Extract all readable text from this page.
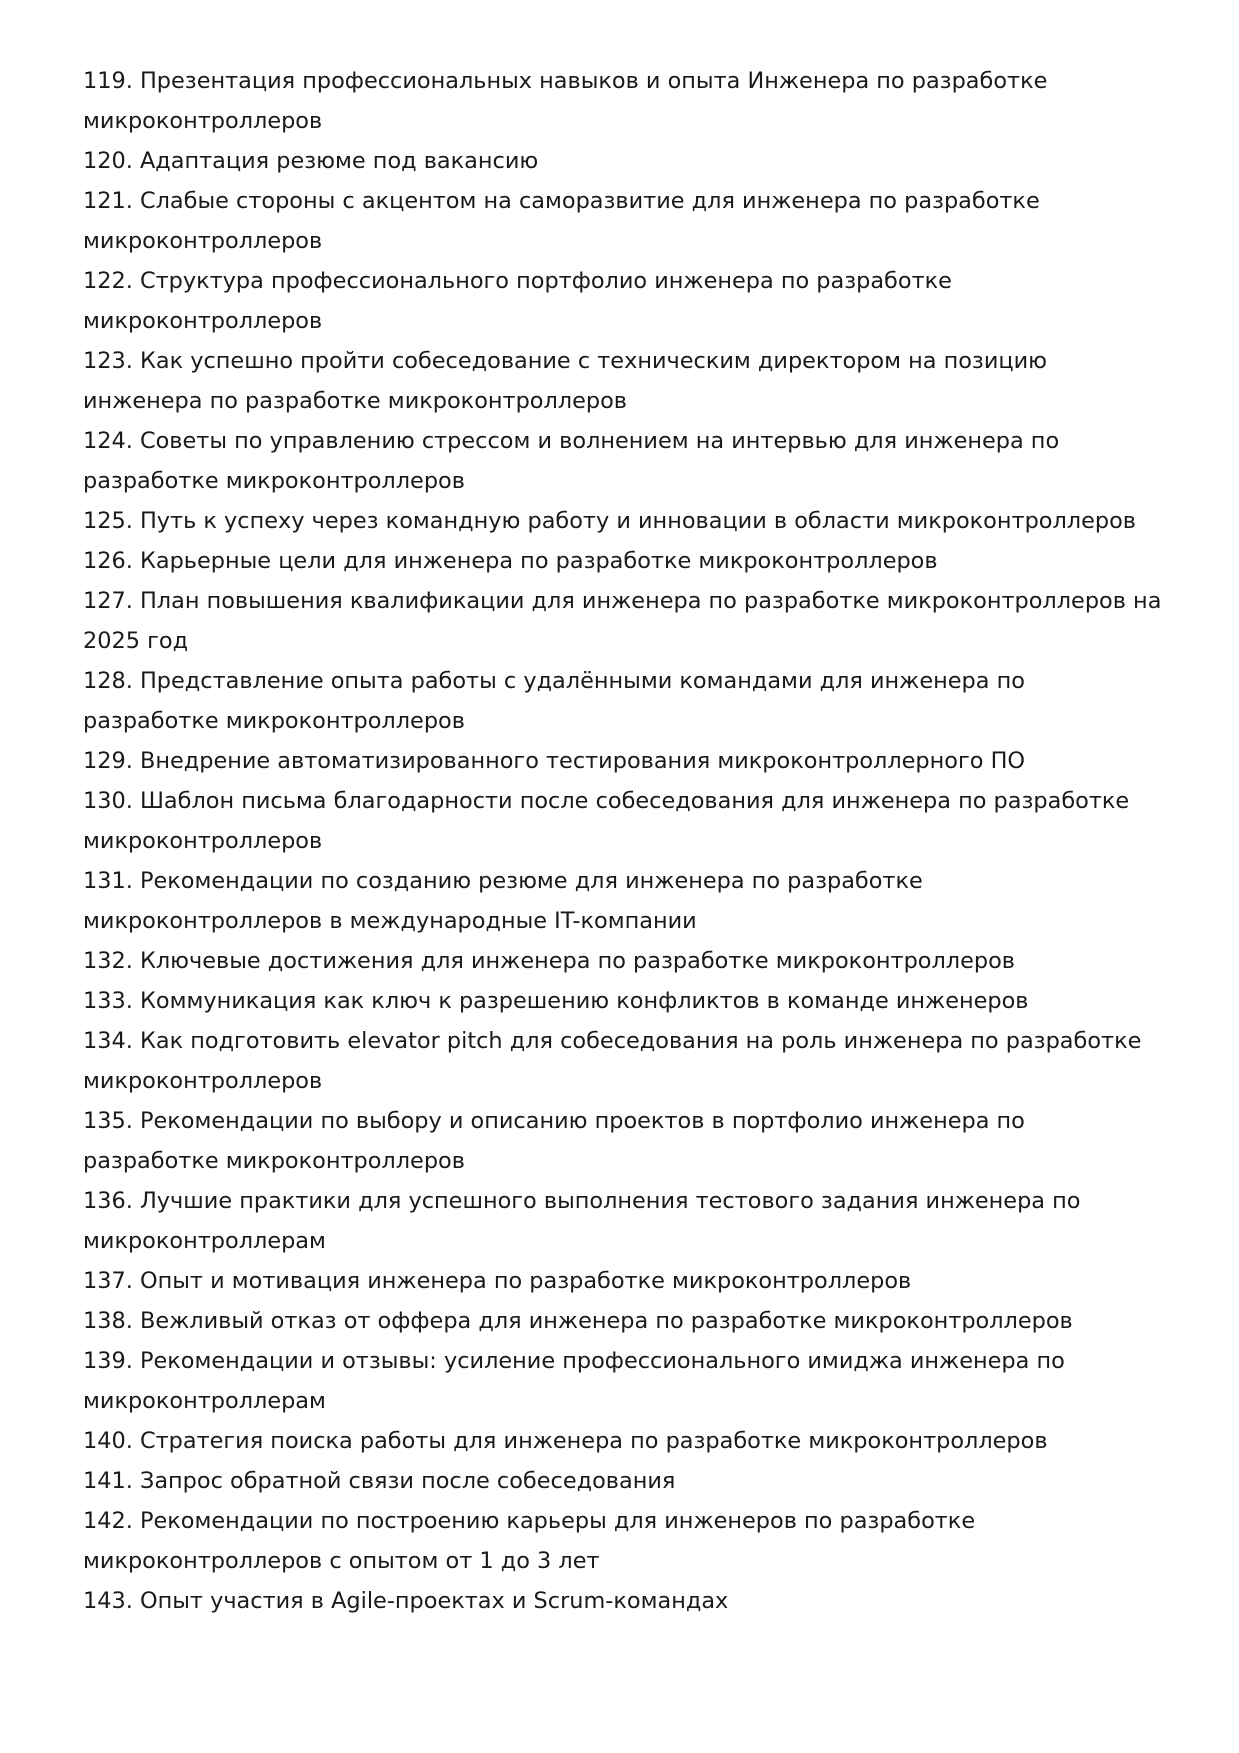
119. Презентация профессиональных навыков и опыта Инженера по разработке микроконтроллеров

120. Адаптация резюме под вакансию

121. Слабые стороны с акцентом на саморазвитие для инженера по разработке микроконтроллеров

122. Структура профессионального портфолио инженера по разработке микроконтроллеров

123. Как успешно пройти собеседование с техническим директором на позицию инженера по разработке микроконтроллеров

124. Советы по управлению стрессом и волнением на интервью для инженера по разработке микроконтроллеров

125. Путь к успеху через командную работу и инновации в области микроконтроллеров

126. Карьерные цели для инженера по разработке микроконтроллеров

127. План повышения квалификации для инженера по разработке микроконтроллеров на 2025 год

128. Представление опыта работы с удалёнными командами для инженера по разработке микроконтроллеров

129. Внедрение автоматизированного тестирования микроконтроллерного ПО

130. Шаблон письма благодарности после собеседования для инженера по разработке микроконтроллеров

131. Рекомендации по созданию резюме для инженера по разработке микроконтроллеров в международные IT-компании

132. Ключевые достижения для инженера по разработке микроконтроллеров

133. Коммуникация как ключ к разрешению конфликтов в команде инженеров

134. Как подготовить elevator pitch для собеседования на роль инженера по разработке микроконтроллеров

135. Рекомендации по выбору и описанию проектов в портфолио инженера по разработке микроконтроллеров

136. Лучшие практики для успешного выполнения тестового задания инженера по микроконтроллерам

137. Опыт и мотивация инженера по разработке микроконтроллеров

138. Вежливый отказ от оффера для инженера по разработке микроконтроллеров

139. Рекомендации и отзывы: усиление профессионального имиджа инженера по микроконтроллерам

140. Стратегия поиска работы для инженера по разработке микроконтроллеров

141. Запрос обратной связи после собеседования

142. Рекомендации по построению карьеры для инженеров по разработке микроконтроллеров с опытом от 1 до 3 лет

143. Опыт участия в Agile-проектах и Scrum-командах
